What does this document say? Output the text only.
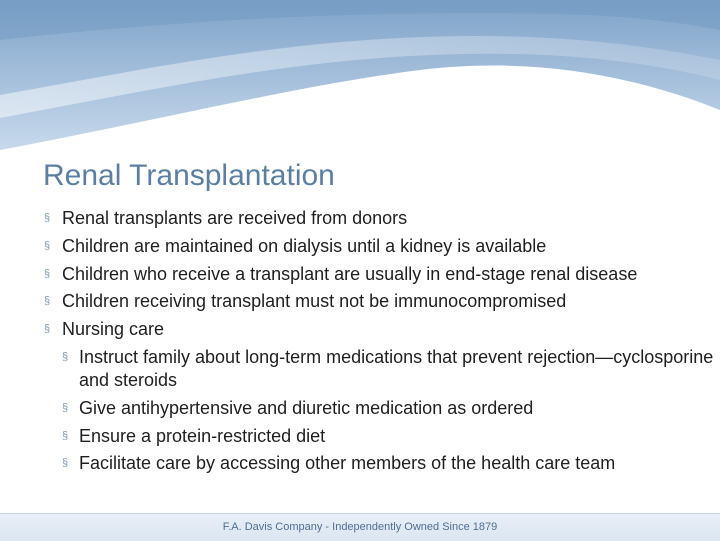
Renal Transplantation
§ Renal transplants are received from donors
§ Children are maintained on dialysis until a kidney is available
§ Children who receive a transplant are usually in end-stage renal disease
§ Children receiving transplant must not be immunocompromised
§ Nursing care
§ Instruct family about long-term medications that prevent rejection—cyclosporine and steroids
§ Give antihypertensive and diuretic medication as ordered
§ Ensure a protein-restricted diet
§ Facilitate care by accessing other members of the health care team
F.A. Davis Company - Independently Owned Since 1879
